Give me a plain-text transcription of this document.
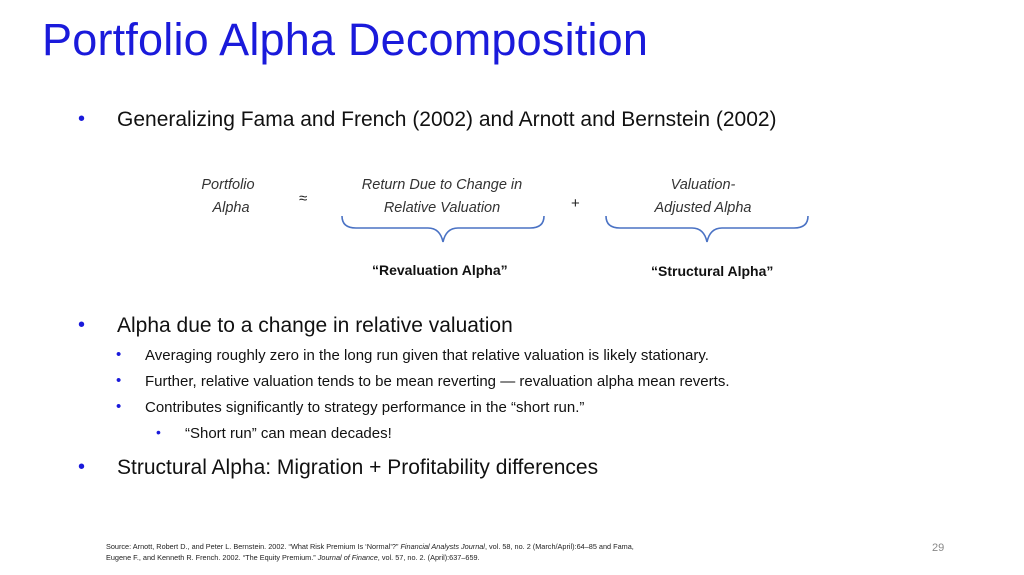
Portfolio Alpha Decomposition
• Generalizing Fama and French (2002) and Arnott and Bernstein (2002)
Portfolio
Alpha
≈
Return Due to Change in
Relative Valuation	+
Valuation-
Adjusted Alpha
“Revaluation Alpha”	“Structural Alpha”
• Alpha due to a change in relative valuation
• Averaging roughly zero in the long run given that relative valuation is likely stationary.
• Further, relative valuation tends to be mean reverting — revaluation alpha mean reverts.
• Contributes significantly to strategy performance in the “short run.”
• “Short run” can mean decades!
• Structural Alpha: Migration + Profitability differences
Source: Arnott, Robert D., and Peter L. Bernstein. 2002. “What Risk Premium Is ‘Normal’?” Financial Analysts Journal, vol. 58, no. 2 (March/April):64–85 and Fama,
Eugene F., and Kenneth R. French. 2002. “The Equity Premium.” Journal of Finance, vol. 57, no. 2. (April):637–659.
29
